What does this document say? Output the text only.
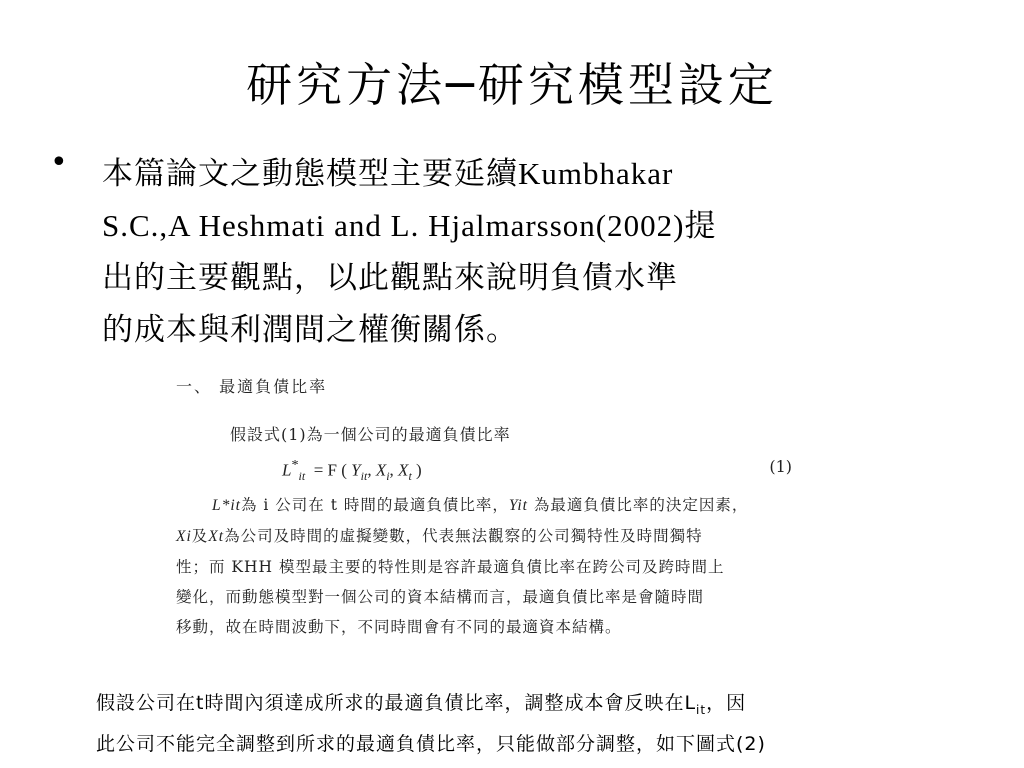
研究方法─研究模型設定
• 本篇論文之動態模型主要延續Kumbhakar
S.C.,A Heshmati and L. Hjalmarsson(2002)提
出的主要觀點，以此觀點來說明負債水準
的成本與利潤間之權衡關係。
一、 最適負債比率
假設式(1)為一個公司的最適負債比率
$L^*_{it} = F$ ( $Y_{it}$, $X_i$, $X_t$ )	(1)
L*it為 i 公司在 t 時間的最適負債比率，Yit 為最適負債比率的決定因素，
Xi及Xt為公司及時間的虛擬變數，代表無法觀察的公司獨特性及時間獨特
性；而 KHH 模型最主要的特性則是容許最適負債比率在跨公司及跨時間上
變化，而動態模型對一個公司的資本結構而言，最適負債比率是會隨時間
移動，故在時間波動下，不同時間會有不同的最適資本結構。
假設公司在t時間內須達成所求的最適負債比率，調整成本會反映在$L_{it}$，因
此公司不能完全調整到所求的最適負債比率，只能做部分調整，如下圖式(2)
